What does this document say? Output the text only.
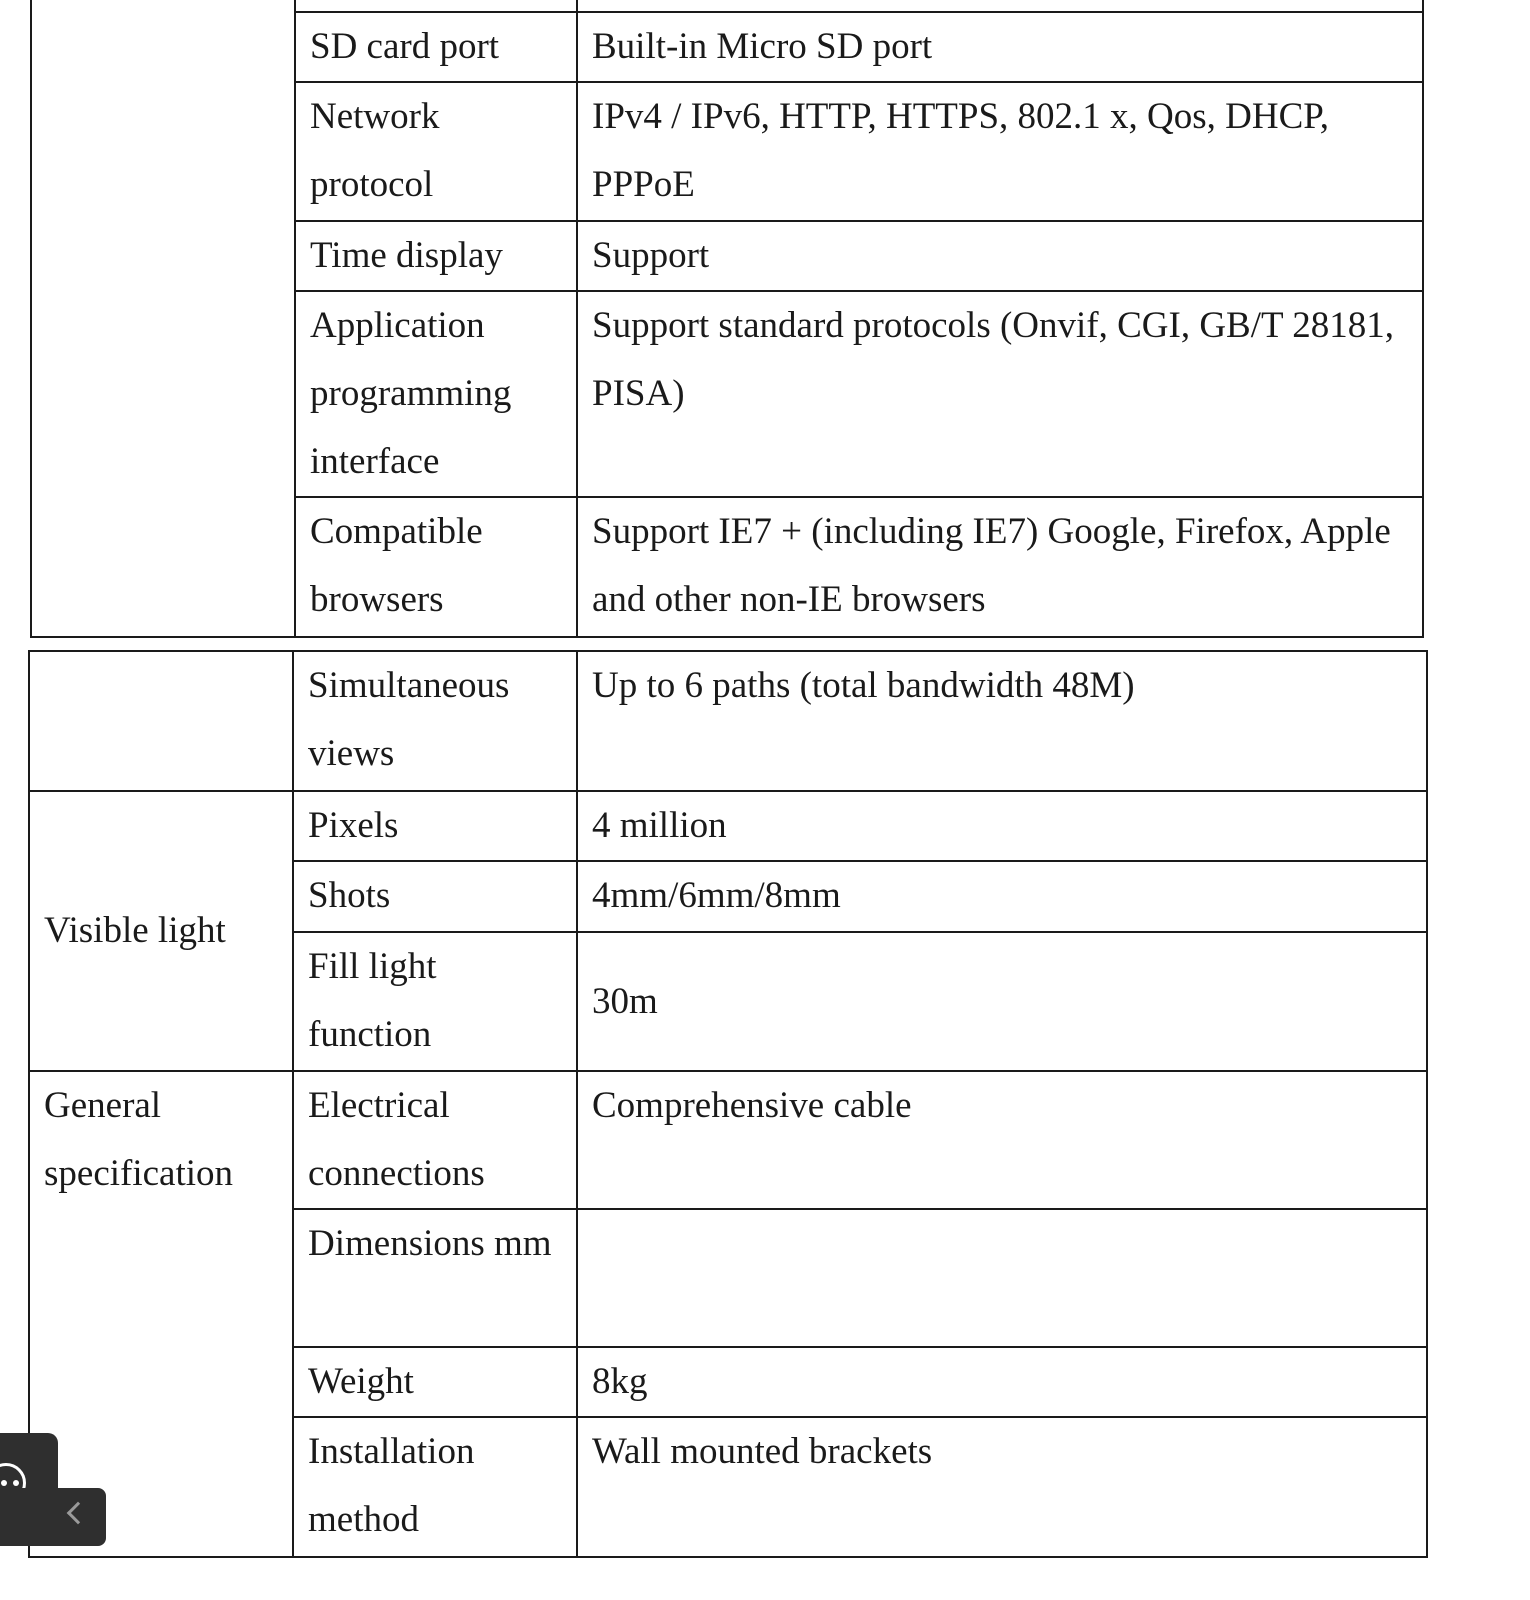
	SD card port	Built-in Micro SD port
	Network protocol	IPv4 / IPv6, HTTP, HTTPS, 802.1 x, Qos, DHCP, PPPoE
	Time display	Support
	Application programming interface	Support standard protocols (Onvif, CGI, GB/T 28181, PISA)
	Compatible browsers	Support IE7 + (including IE7) Google, Firefox, Apple and other non-IE browsers
	Simultaneous views	Up to 6 paths (total bandwidth 48M)
Visible light	Pixels	4 million
	Shots	4mm/6mm/8mm
	Fill light function	30m
General specification	Electrical connections	Comprehensive cable
	Dimensions mm	
	Weight	8kg
	Installation method	Wall mounted brackets
